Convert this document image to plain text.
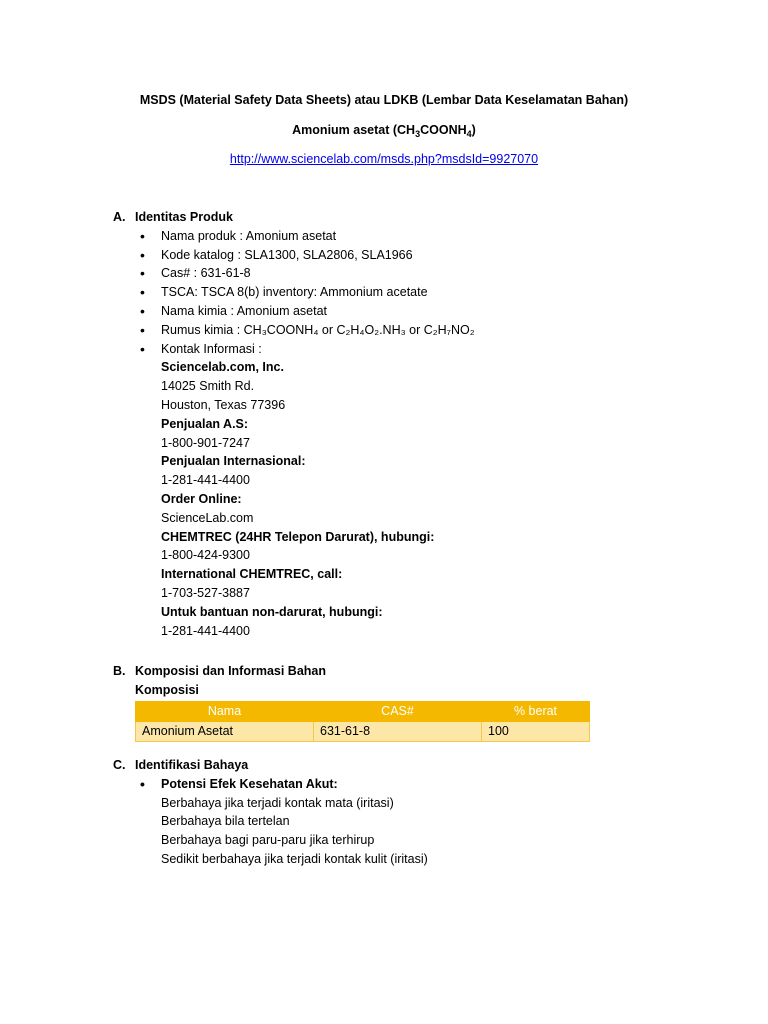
MSDS (Material Safety Data Sheets) atau LDKB (Lembar Data Keselamatan Bahan)
Amonium asetat $(CH_3COONH_4)$
http://www.sciencelab.com/msds.php?msdsId=9927070
A. Identitas Produk
• Nama produk : Amonium asetat
• Kode katalog : SLA1300, SLA2806, SLA1966
• Cas# : 631-61-8
• TSCA: TSCA 8(b) inventory: Ammonium acetate
• Nama kimia : Amonium asetat
• Rumus kimia : CH₃COONH₄ or C₂H₄O₂.NH₃ or C₂H₇NO₂
• Kontak Informasi :
Sciencelab.com, Inc.
14025 Smith Rd.
Houston, Texas 77396
Penjualan A.S:
1-800-901-7247
Penjualan Internasional:
1-281-441-4400
Order Online:
ScienceLab.com
CHEMTREC (24HR Telepon Darurat), hubungi:
1-800-424-9300
International CHEMTREC, call:
1-703-527-3887
Untuk bantuan non-darurat, hubungi:
1-281-441-4400
B. Komposisi dan Informasi Bahan
Komposisi
Nama	CAS#	% berat
Amonium Asetat	631-61-8	100
C. Identifikasi Bahaya
• Potensi Efek Kesehatan Akut:
Berbahaya jika terjadi kontak mata (iritasi)
Berbahaya bila tertelan
Berbahaya bagi paru-paru jika terhirup
Sedikit berbahaya jika terjadi kontak kulit (iritasi)
